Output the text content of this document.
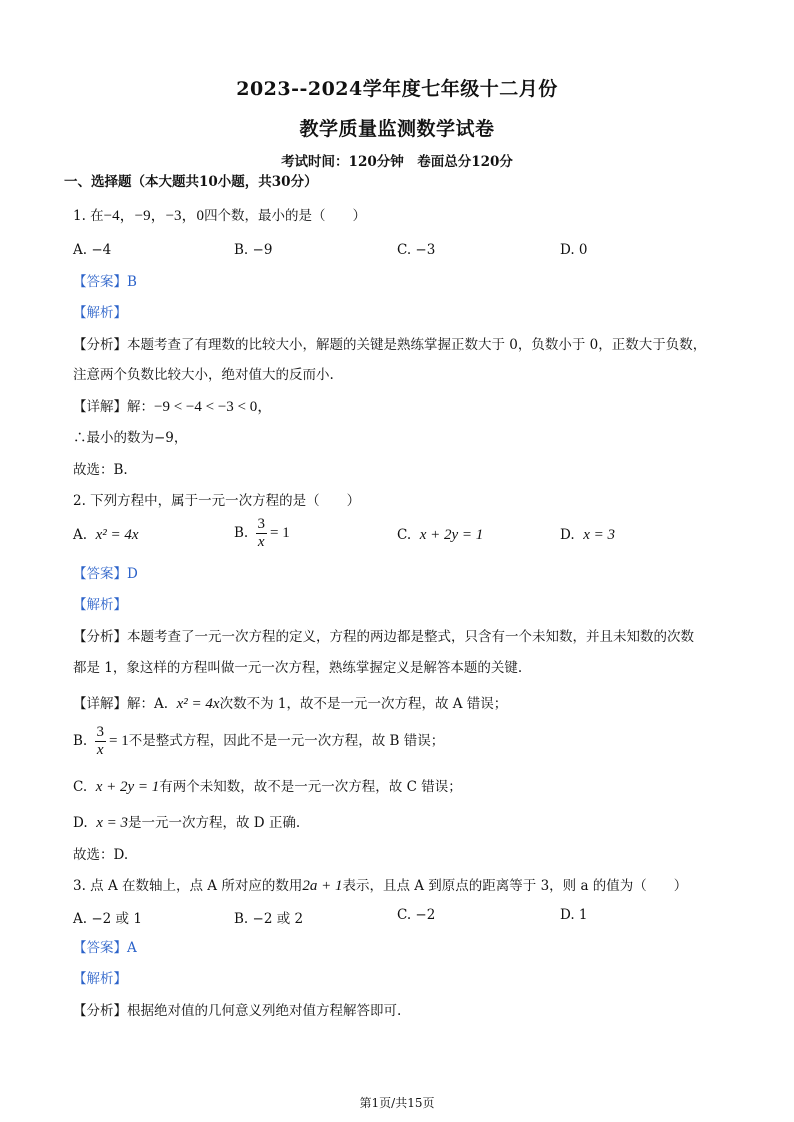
2023--2024学年度七年级十二月份
教学质量监测数学试卷
考试时间：120分钟　卷面总分120分
一、选择题（本大题共10小题，共30分）
1. 在−4，−9，−3，0四个数，最小的是（　　）
A. −4	B. −9	C. −3	D. 0
【答案】B
【解析】
【分析】本题考查了有理数的比较大小，解题的关键是熟练掌握正数大于 0，负数小于 0，正数大于负数，
注意两个负数比较大小，绝对值大的反而小.
【详解】解：−9 < −4 < −3 < 0，
∴最小的数为−9，
故选：B.
2. 下列方程中，属于一元一次方程的是（　　）
A. x² = 4x	B. $\frac{3}{x} = 1$	C. x + 2y = 1	D. x = 3
【答案】D
【解析】
【分析】本题考查了一元一次方程的定义，方程的两边都是整式，只含有一个未知数，并且未知数的次数
都是 1，象这样的方程叫做一元一次方程，熟练掌握定义是解答本题的关键.
【详解】解：A. x² = 4x次数不为 1，故不是一元一次方程，故 A 错误；
B. $\frac{3}{x} = 1$不是整式方程，因此不是一元一次方程，故 B 错误；
C. x + 2y = 1有两个未知数，故不是一元一次方程，故 C 错误；
D. x = 3是一元一次方程，故 D 正确.
故选：D.
3. 点 A 在数轴上，点 A 所对应的数用2a + 1表示，且点 A 到原点的距离等于 3，则 a 的值为（　　）
A. −2 或 1	B. −2 或 2	C. −2	D. 1
【答案】A
【解析】
【分析】根据绝对值的几何意义列绝对值方程解答即可.
第1页/共15页
